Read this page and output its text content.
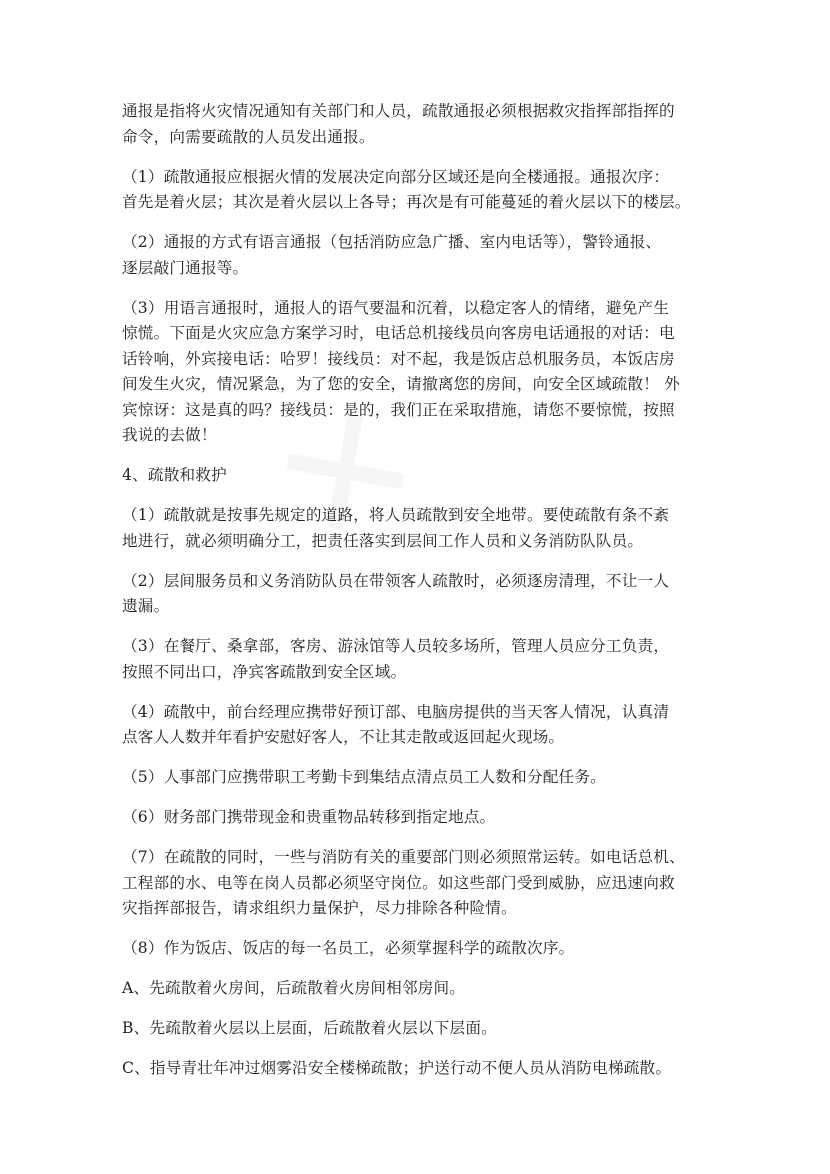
通报是指将火灾情况通知有关部门和人员，疏散通报必须根据救灾指挥部指挥的
命令，向需要疏散的人员发出通报。
（1）疏散通报应根据火情的发展决定向部分区域还是向全楼通报。通报次序：
首先是着火层；其次是着火层以上各导；再次是有可能蔓延的着火层以下的楼层。
（2）通报的方式有语言通报（包括消防应急广播、室内电话等），警铃通报、
逐层敲门通报等。
（3）用语言通报时，通报人的语气要温和沉着，以稳定客人的情绪，避免产生
惊慌。下面是火灾应急方案学习时，电话总机接线员向客房电话通报的对话：电
话铃响，外宾接电话：哈罗！接线员：对不起，我是饭店总机服务员，本饭店房
间发生火灾，情况紧急，为了您的安全，请撤离您的房间，向安全区域疏散！ 外
宾惊讶：这是真的吗？接线员：是的，我们正在采取措施，请您不要惊慌，按照
我说的去做！
4、疏散和救护
（1）疏散就是按事先规定的道路，将人员疏散到安全地带。要使疏散有条不紊
地进行，就必须明确分工，把责任落实到层间工作人员和义务消防队队员。
（2）层间服务员和义务消防队员在带领客人疏散时，必须逐房清理，不让一人
遗漏。
（3）在餐厅、桑拿部，客房、游泳馆等人员较多场所，管理人员应分工负责，
按照不同出口，净宾客疏散到安全区域。
（4）疏散中，前台经理应携带好预订部、电脑房提供的当天客人情况，认真清
点客人人数并年看护安慰好客人，不让其走散或返回起火现场。
（5）人事部门应携带职工考勤卡到集结点清点员工人数和分配任务。
（6）财务部门携带现金和贵重物品转移到指定地点。
（7）在疏散的同时，一些与消防有关的重要部门则必须照常运转。如电话总机、
工程部的水、电等在岗人员都必须坚守岗位。如这些部门受到威胁，应迅速向救
灾指挥部报告，请求组织力量保护，尽力排除各种险情。
（8）作为饭店、饭店的每一名员工，必须掌握科学的疏散次序。
A、先疏散着火房间，后疏散着火房间相邻房间。
B、先疏散着火层以上层面，后疏散着火层以下层面。
C、指导青壮年冲过烟雾沿安全楼梯疏散；护送行动不便人员从消防电梯疏散。
